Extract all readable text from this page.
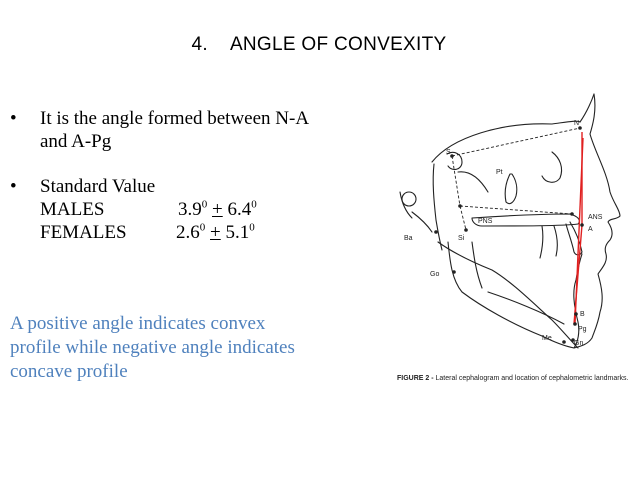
4. ANGLE OF CONVEXITY
•	It is the angle formed between N-A
and A-Pg
•	Standard Value
MALES	$3.9^0 + 6.4^0$
FEMALES	$2.6^0 + 5.1^0$
A positive angle indicates convex
profile while negative angle indicates
concave profile
N
S
Pt
PNS
ANS
Ba	Si
A
Go
B
Pg
Me
Gn
FIGURE 2 - Lateral cephalogram and location of cephalometric landmarks.
